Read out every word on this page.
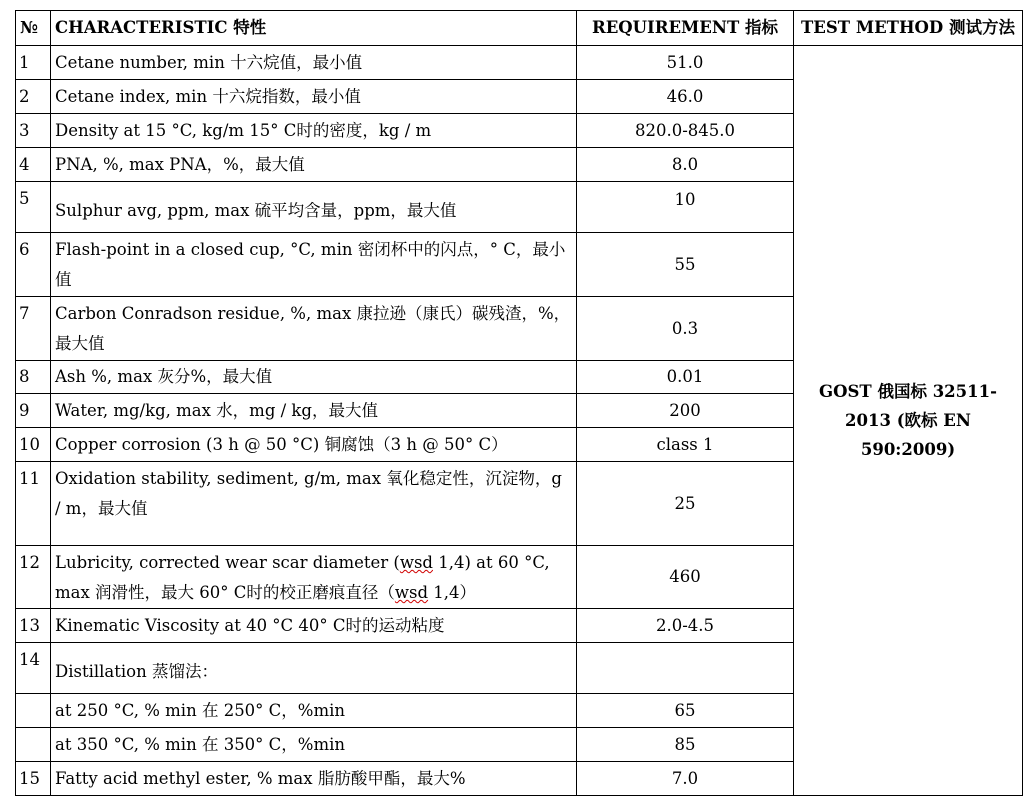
№	CHARACTERISTIC 特性	REQUIREMENT 指标	TEST METHOD 测试方法
1	Cetane number, min 十六烷值，最小值	51.0	GOST 俄国标 32511-2013 (欧标 EN 590:2009)
2	Cetane index, min 十六烷指数，最小值	46.0	
3	Density at 15 °C, kg/m 15° C时的密度，kg / m	820.0-845.0	
4	PNA, %, max PNA，%，最大值	8.0	
5	Sulphur avg, ppm, max 硫平均含量，ppm，最大值	10	
6	Flash-point in a closed cup, °C, min 密闭杯中的闪点，° C，最小值	55	
7	Carbon Conradson residue, %, max 康拉逊（康氏）碳残渣，%，最大值	0.3	
8	Ash %, max 灰分%，最大值	0.01	
9	Water, mg/kg, max 水，mg / kg，最大值	200	
10	Copper corrosion (3 h @ 50 °C) 铜腐蚀（3 h @ 50° C）	class 1	
11	Oxidation stability, sediment, g/m, max 氧化稳定性，沉淀物，g / m，最大值	25	
12	Lubricity, corrected wear scar diameter (wsd 1,4) at 60 °C, max 润滑性，最大 60° C时的校正磨痕直径（wsd 1,4）	460	
13	Kinematic Viscosity at 40 °C 40° C时的运动粘度	2.0-4.5	
14	Distillation 蒸馏法：		
	at 250 °C, % min 在 250° C，%min	65	
	at 350 °C, % min 在 350° C，%min	85	
15	Fatty acid methyl ester, % max 脂肪酸甲酯，最大%	7.0	
